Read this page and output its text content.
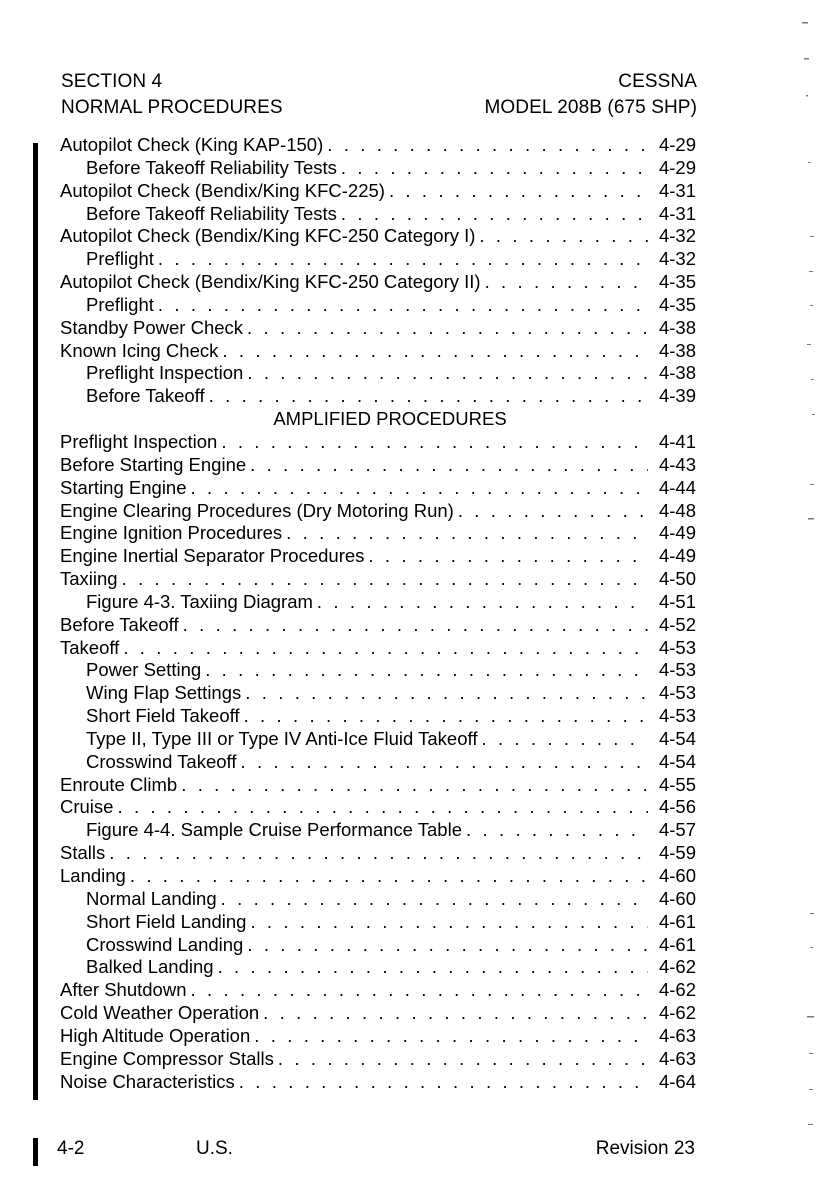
SECTION 4
NORMAL PROCEDURES
CESSNA
MODEL 208B (675 SHP)
Autopilot Check (King KAP-150) . . .	4-29
Before Takeoff Reliability Tests . . .	4-29
Autopilot Check (Bendix/King KFC-225) . . .	4-31
Before Takeoff Reliability Tests . . .	4-31
Autopilot Check (Bendix/King KFC-250 Category I) . . .	4-32
Preflight . . .	4-32
Autopilot Check (Bendix/King KFC-250 Category II) . . .	4-35
Preflight . . .	4-35
Standby Power Check . . .	4-38
Known Icing Check . . .	4-38
Preflight Inspection . . .	4-38
Before Takeoff . . .	4-39
AMPLIFIED PROCEDURES
Preflight Inspection . . .	4-41
Before Starting Engine . . .	4-43
Starting Engine . . .	4-44
Engine Clearing Procedures (Dry Motoring Run) . . .	4-48
Engine Ignition Procedures . . .	4-49
Engine Inertial Separator Procedures . . .	4-49
Taxiing . . .	4-50
Figure 4-3. Taxiing Diagram . . .	4-51
Before Takeoff . . .	4-52
Takeoff . . .	4-53
Power Setting . . .	4-53
Wing Flap Settings . . .	4-53
Short Field Takeoff . . .	4-53
Type II, Type III or Type IV Anti-Ice Fluid Takeoff . . .	4-54
Crosswind Takeoff . . .	4-54
Enroute Climb . . .	4-55
Cruise . . .	4-56
Figure 4-4. Sample Cruise Performance Table . . .	4-57
Stalls . . .	4-59
Landing . . .	4-60
Normal Landing . . .	4-60
Short Field Landing . . .	4-61
Crosswind Landing . . .	4-61
Balked Landing . . .	4-62
After Shutdown . . .	4-62
Cold Weather Operation . . .	4-62
High Altitude Operation . . .	4-63
Engine Compressor Stalls . . .	4-63
Noise Characteristics . . .	4-64
4-2	U.S.	Revision 23
